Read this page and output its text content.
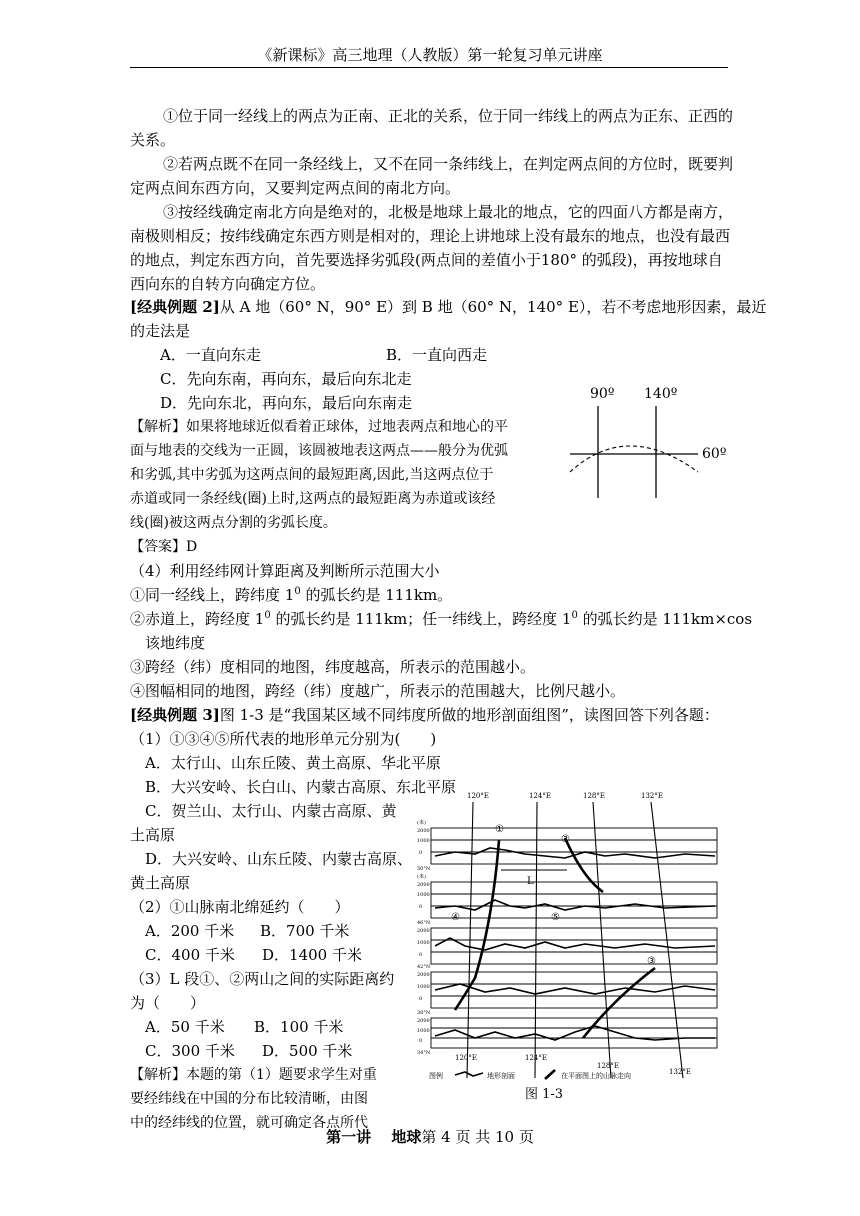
《新课标》高三地理（人教版）第一轮复习单元讲座
①位于同一经线上的两点为正南、正北的关系，位于同一纬线上的两点为正东、正西的
关系。
②若两点既不在同一条经线上，又不在同一条纬线上，在判定两点间的方位时，既要判
定两点间东西方向，又要判定两点间的南北方向。
③按经线确定南北方向是绝对的，北极是地球上最北的地点，它的四面八方都是南方，
南极则相反；按纬线确定东西方则是相对的，理论上讲地球上没有最东的地点，也没有最西
的地点，判定东西方向，首先要选择劣弧段(两点间的差值小于180° 的弧段)，再按地球自
西向东的自转方向确定方位。
[经典例题 2]从 A 地（60° N，90° E）到 B 地（60° N，140° E），若不考虑地形因素，最近
的走法是
A．一直向东走	B．一直向西走
C．先向东南，再向东，最后向东北走
D．先向东北，再向东，最后向东南走
【解析】如果将地球近似看着正球体，过地表两点和地心的平
面与地表的交线为一正圆，该圆被地表这两点——般分为优弧
和劣弧,其中劣弧为这两点间的最短距离,因此,当这两点位于
赤道或同一条经线(圈)上时,这两点的最短距离为赤道或该经
线(圈)被这两点分割的劣弧长度。
【答案】D
90º 140º
60º
（4）利用经纬网计算距离及判断所示范围大小
①同一经线上，跨纬度 $1^0$ 的弧长约是 111km。
②赤道上，跨经度 $1^0$ 的弧长约是 111km；任一纬线上，跨经度 $1^0$ 的弧长约是 111km×cos
该地纬度
③跨经（纬）度相同的地图，纬度越高，所表示的范围越小。
④图幅相同的地图，跨经（纬）度越广，所表示的范围越大，比例尺越小。
[经典例题 3]图 1-3 是“我国某区域不同纬度所做的地形剖面组图”，读图回答下列各题：
（1）①③④⑤所代表的地形单元分别为(　　)
A．太行山、山东丘陵、黄土高原、华北平原
B．大兴安岭、长白山、内蒙古高原、东北平原
C．贺兰山、太行山、内蒙古高原、黄
土高原
D．大兴安岭、山东丘陵、内蒙古高原、
黄土高原
（2）①山脉南北绵延约（　　）
A．200 千米 B．700 千米
C．400 千米 D．1400 千米
（3）L 段①、②两山之间的实际距离约
为（　　）
A．50 千米 B．100 千米
C．300 千米 D．500 千米
【解析】本题的第（1）题要求学生对重
要经纬线在中国的分布比较清晰，由图
中的经纬线的位置，就可确定各点所代
120°E	124°E	128°E	132°E
L
①
②
④	⑤
③
(米)
2000
1000
0
50°N
(米)
2000
1000
0
46°N
2000
1000
0
42°N
2000
1000
0
38°N
2000
1000
0
34°N
120°E	124°E
128°E
132°E
图例	地形剖面	在平面图上的山脉走向
图 1-3
第一讲　 地球第 4 页 共 10 页
